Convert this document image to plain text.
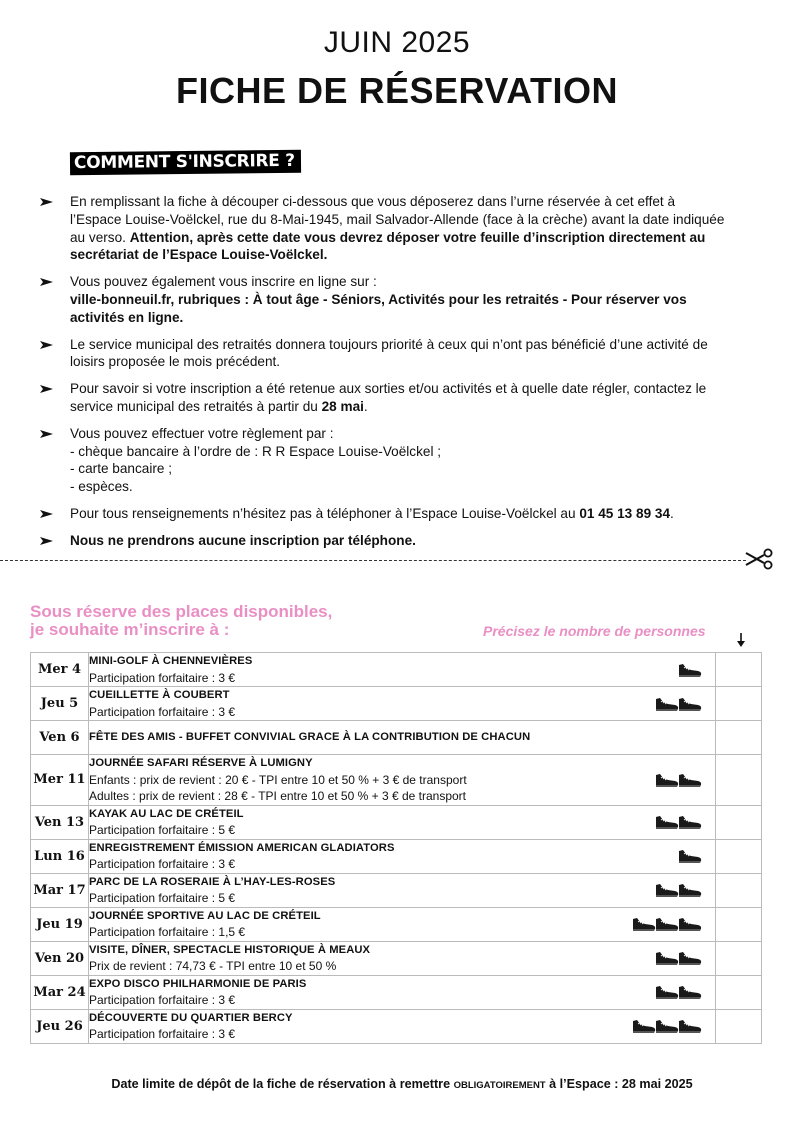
JUIN 2025
FICHE DE RÉSERVATION
COMMENT S'INSCRIRE ?
En remplissant la fiche à découper ci-dessous que vous déposerez dans l’urne réservée à cet effet à l’Espace Louise-Voëlckel, rue du 8-Mai-1945, mail Salvador-Allende (face à la crèche) avant la date indiquée au verso. Attention, après cette date vous devrez déposer votre feuille d’inscription directement au secrétariat de l’Espace Louise-Voëlckel.
Vous pouvez également vous inscrire en ligne sur :
ville-bonneuil.fr, rubriques : À tout âge - Séniors, Activités pour les retraités - Pour réserver vos activités en ligne.
Le service municipal des retraités donnera toujours priorité à ceux qui n’ont pas bénéficié d’une activité de loisirs proposée le mois précédent.
Pour savoir si votre inscription a été retenue aux sorties et/ou activités et à quelle date régler, contactez le service municipal des retraités à partir du 28 mai.
Vous pouvez effectuer votre règlement par :
- chèque bancaire à l’ordre de : R R Espace Louise-Voëlckel ;
- carte bancaire ;
- espèces.
Pour tous renseignements n’hésitez pas à téléphoner à l’Espace Louise-Voëlckel au 01 45 13 89 34.
Nous ne prendrons aucune inscription par téléphone.
Sous réserve des places disponibles,
je souhaite m’inscrire à :	Précisez le nombre de personnes
Mer 4	MINI-GOLF À CHENNEVIÈRES
Participation forfaitaire : 3 €	

Jeu 5	CUEILLETTE À COUBERT
Participation forfaitaire : 3 €	

Ven 6	FÊTE DES AMIS - BUFFET CONVIVIAL GRACE À LA CONTRIBUTION DE CHACUN	

Mer 11	JOURNÉE SAFARI RÉSERVE À LUMIGNY
Enfants : prix de revient : 20 € - TPI entre 10 et 50 % + 3 € de transport
Adultes : prix de revient : 28 € - TPI entre 10 et 50 % + 3 € de transport	

Ven 13	KAYAK AU LAC DE CRÉTEIL
Participation forfaitaire : 5 €	

Lun 16	ENREGISTREMENT ÉMISSION AMERICAN GLADIATORS
Participation forfaitaire : 3 €	

Mar 17	PARC DE LA ROSERAIE À L’HAY-LES-ROSES
Participation forfaitaire : 5 €	

Jeu 19	JOURNÉE SPORTIVE AU LAC DE CRÉTEIL
Participation forfaitaire : 1,5 €	

Ven 20	VISITE, DÎNER, SPECTACLE HISTORIQUE À MEAUX
Prix de revient : 74,73 € - TPI entre 10 et 50 %	

Mar 24	EXPO DISCO PHILHARMONIE DE PARIS
Participation forfaitaire : 3 €	

Jeu 26	DÉCOUVERTE DU QUARTIER BERCY
Participation forfaitaire : 3 €	

Date limite de dépôt de la fiche de réservation à remettre OBLIGATOIREMENT à l’Espace : 28 mai 2025
